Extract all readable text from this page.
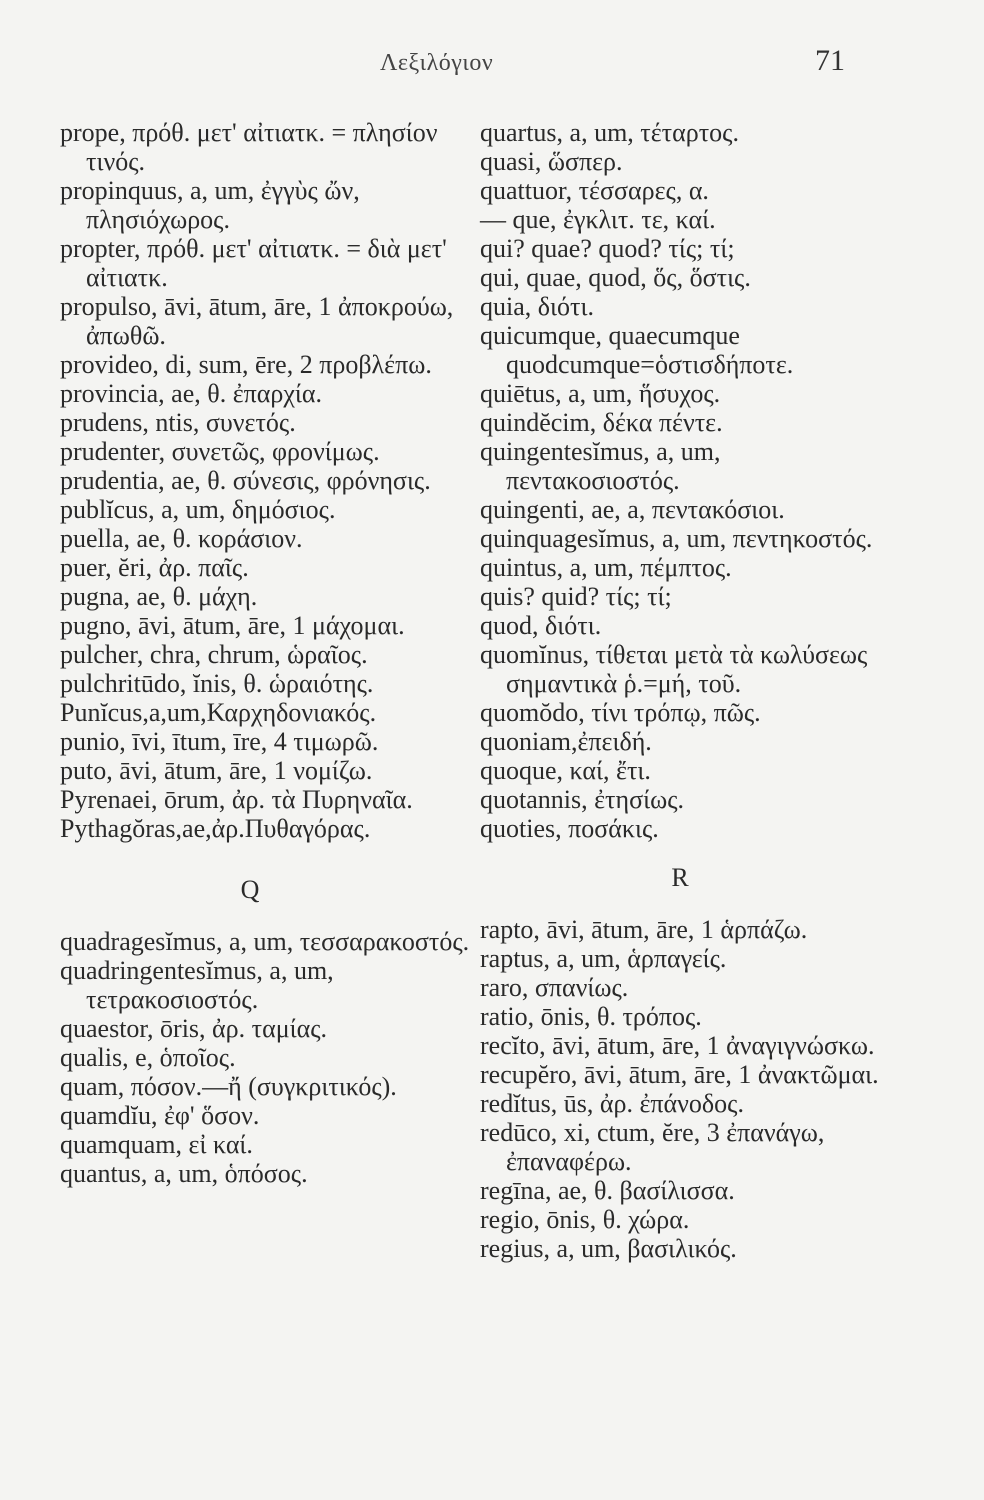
Λεξιλόγιον	71

prope, πρόθ. μετ' αἰτιατκ. = πλησίον τινός.

propinquus, a, um, ἐγγὺς ὤν, πλησιόχωρος.

propter, πρόθ. μετ' αἰτιατκ. = διὰ μετ' αἰτιατκ.

propulso, āvi, ātum, āre, 1 ἀποκρούω, ἀπωθῶ.

provideo, di, sum, ēre, 2 προβλέπω.

provincia, ae, θ. ἐπαρχία.

prudens, ntis, συνετός.

prudenter, συνετῶς, φρονίμως.

prudentia, ae, θ. σύνεσις, φρόνησις.

publĭcus, a, um, δημόσιος.

puella, ae, θ. κοράσιον.

puer, ĕri, ἀρ. παῖς.

pugna, ae, θ. μάχη.

pugno, āvi, ātum, āre, 1 μάχομαι.

pulcher, chra, chrum, ὡραῖος.

pulchritūdo, ĭnis, θ. ὡραιότης.

Punĭcus,a,um,Καρχηδονιακός.

punio, īvi, ītum, īre, 4 τιμωρῶ.

puto, āvi, ātum, āre, 1 νομίζω.

Pyrenaei, ōrum, ἀρ. τὰ Πυρηναῖα.

Pythagŏras,ae,ἀρ.Πυθαγόρας.

Q

quadragesĭmus, a, um, τεσσαρακοστός.

quadringentesĭmus, a, um, τετρακοσιοστός.

quaestor, ōris, ἀρ. ταμίας.

qualis, e, ὁποῖος.

quam, πόσον.—ἤ (συγκριτικός).

quamdĭu, ἐφ' ὅσον.

quamquam, εἰ καί.

quantus, a, um, ὁπόσος.

quartus, a, um, τέταρτος.

quasi, ὥσπερ.

quattuor, τέσσαρες, α.

— que, ἐγκλιτ. τε, καί.

qui? quae? quod? τίς; τί;

qui, quae, quod, ὅς, ὅστις.

quia, διότι.

quicumque, quaecumque quodcumque=ὁστισδήποτε.

quiētus, a, um, ἥσυχος.

quindĕcim, δέκα πέντε.

quingentesĭmus, a, um, πεντακοσιοστός.

quingenti, ae, a, πεντακόσιοι.

quinquagesĭmus, a, um, πεντηκοστός.

quintus, a, um, πέμπτος.

quis? quid? τίς; τί;

quod, διότι.

quomĭnus, τίθεται μετὰ τὰ κωλύσεως σημαντικὰ ῥ.=μή, τοῦ.

quomŏdo, τίνι τρόπῳ, πῶς.

quoniam,ἐπειδή.

quoque, καί, ἔτι.

quotannis, ἐτησίως.

quoties, ποσάκις.

R

rapto, āvi, ātum, āre, 1 ἁρπάζω.

raptus, a, um, ἁρπαγείς.

raro, σπανίως.

ratio, ōnis, θ. τρόπος.

recĭto, āvi, ātum, āre, 1 ἀναγιγνώσκω.

recupĕro, āvi, ātum, āre, 1 ἀνακτῶμαι.

redĭtus, ūs, ἀρ. ἐπάνοδος.

redūco, xi, ctum, ĕre, 3 ἐπανάγω, ἐπαναφέρω.

regīna, ae, θ. βασίλισσα.

regio, ōnis, θ. χώρα.

regius, a, um, βασιλικός.
